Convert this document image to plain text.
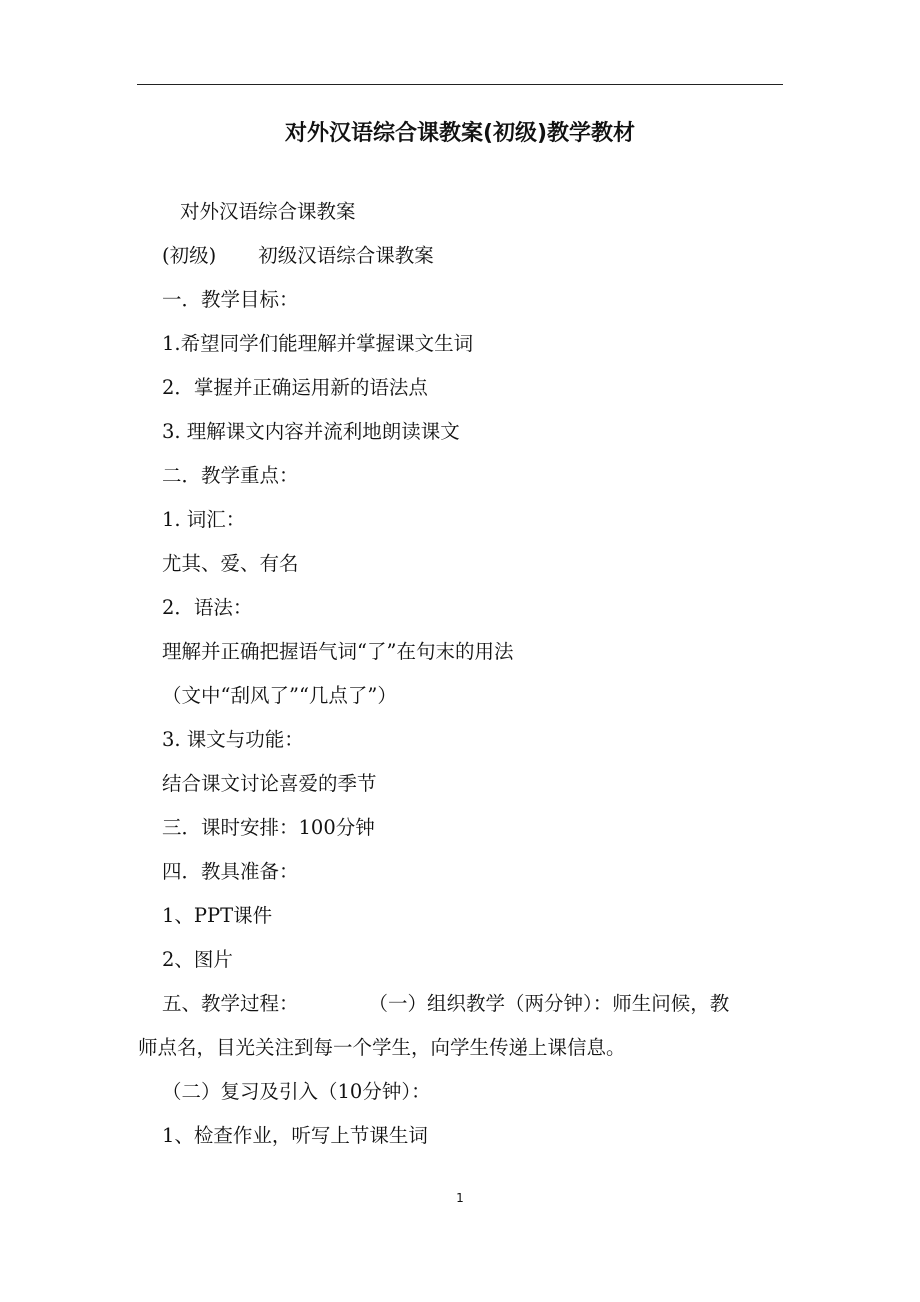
对外汉语综合课教案(初级)教学教材
对外汉语综合课教案
(初级) 初级汉语综合课教案
一．教学目标：
1.希望同学们能理解并掌握课文生词
2．掌握并正确运用新的语法点
3. 理解课文内容并流利地朗读课文
二．教学重点：
1. 词汇：
尤其、爱、有名
2．语法：
理解并正确把握语气词“了”在句末的用法
（文中“刮风了”“几点了”）
3. 课文与功能：
结合课文讨论喜爱的季节
三．课时安排：100分钟
四．教具准备：
1、PPT课件
2、图片
五、教学过程：	（一）组织教学（两分钟）：师生问候，教
师点名，目光关注到每一个学生，向学生传递上课信息。
（二）复习及引入（10分钟）：
1、检查作业，听写上节课生词
1
